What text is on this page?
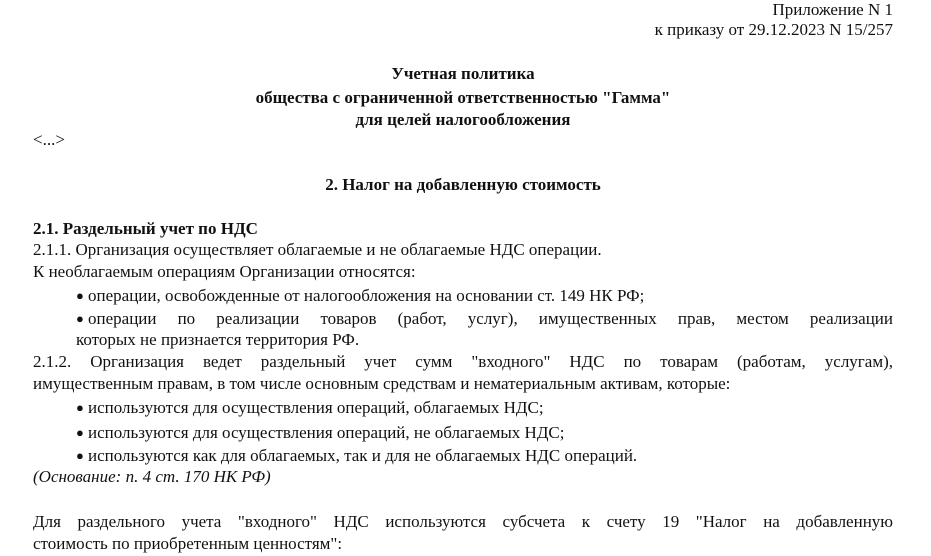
Приложение N 1
к приказу от 29.12.2023 N 15/257
Учетная политика
общества с ограниченной ответственностью "Гамма"
для целей налогообложения
<...>
2. Налог на добавленную стоимость
2.1. Раздельный учет по НДС
2.1.1. Организация осуществляет облагаемые и не облагаемые НДС операции.
К необлагаемым операциям Организации относятся:
● операции, освобожденные от налогообложения на основании ст. 149 НК РФ;
● операции по реализации товаров (работ, услуг), имущественных прав, местом реализации
которых не признается территория РФ.
2.1.2. Организация ведет раздельный учет сумм "входного" НДС по товарам (работам, услугам),
имущественным правам, в том числе основным средствам и нематериальным активам, которые:
● используются для осуществления операций, облагаемых НДС;
● используются для осуществления операций, не облагаемых НДС;
● используются как для облагаемых, так и для не облагаемых НДС операций.
(Основание: п. 4 ст. 170 НК РФ)
Для раздельного учета "входного" НДС используются субсчета к счету 19 "Налог на добавленную
стоимость по приобретенным ценностям":
